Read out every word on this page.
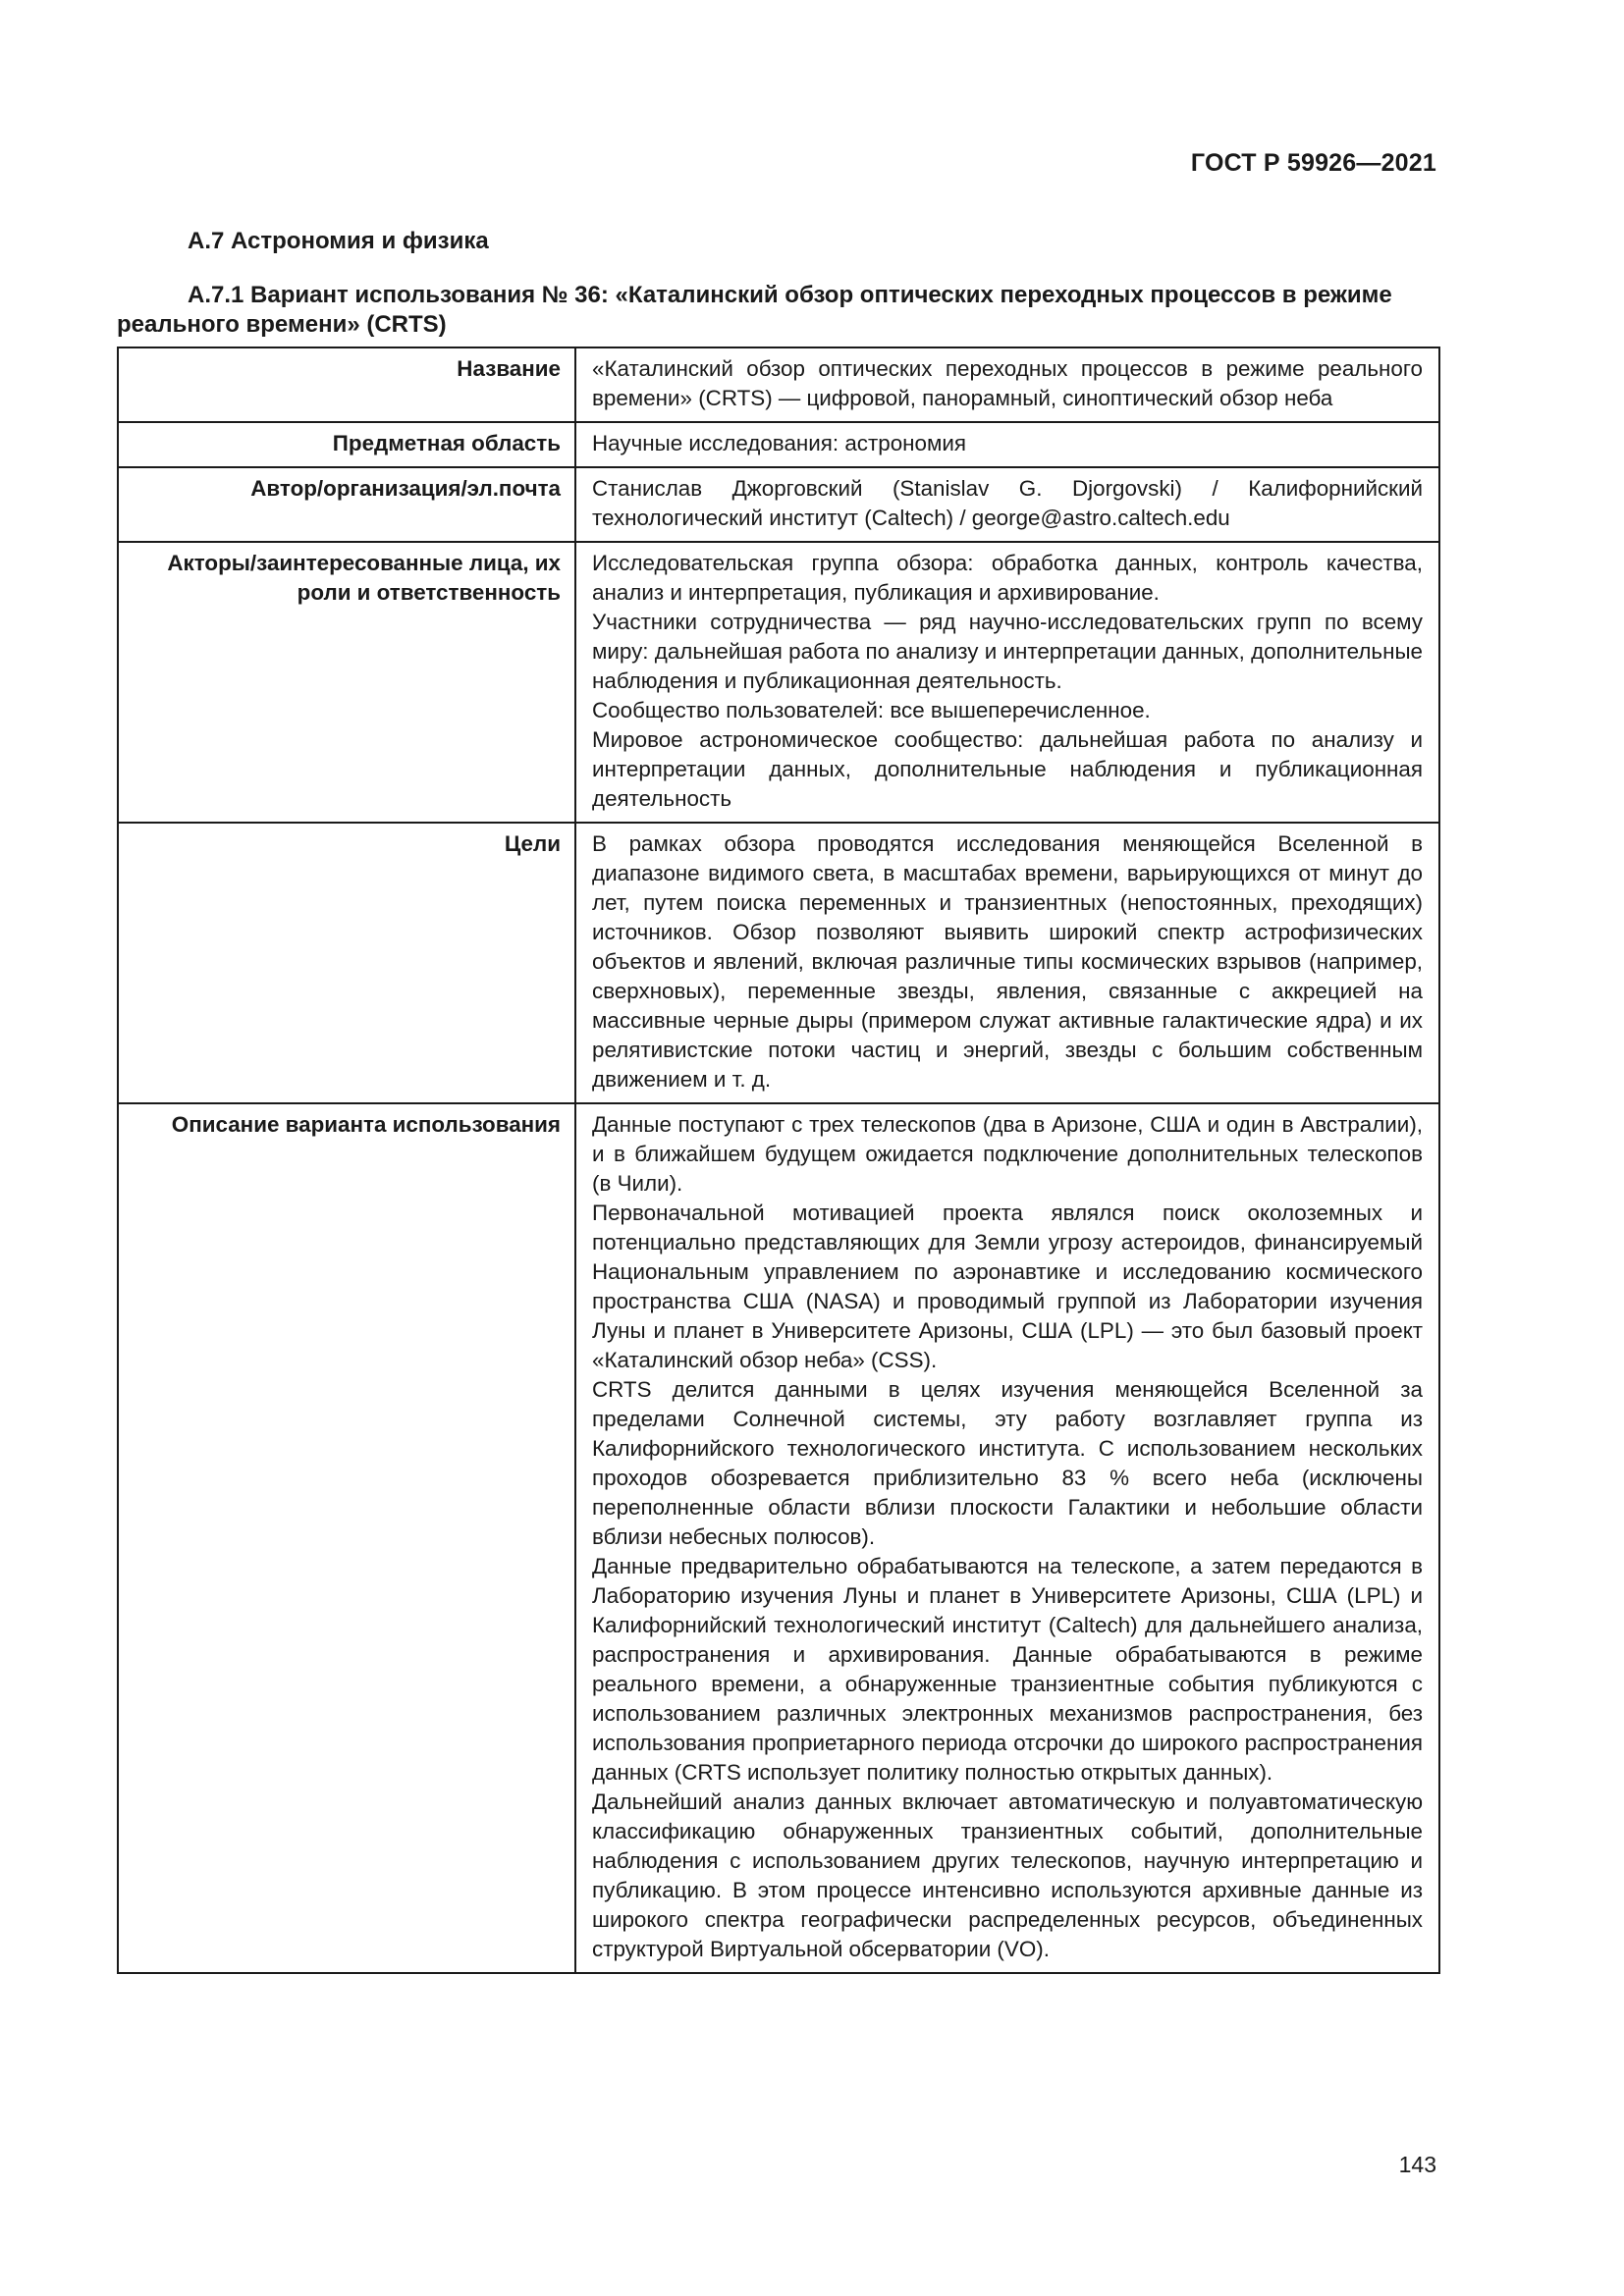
ГОСТ Р 59926—2021
А.7 Астрономия и физика
А.7.1 Вариант использования № 36: «Каталинский обзор оптических переходных процессов в режиме реального времени» (CRTS)
Название	«Каталинский обзор оптических переходных процессов в режиме реального времени» (CRTS) — цифровой, панорамный, синоптический обзор неба

Предметная область	Научные исследования: астрономия

Автор/организация/эл.почта	Станислав Джорговский (Stanislav G. Djorgovski) / Калифорнийский технологический институт (Caltech) / george@astro.caltech.edu

Акторы/заинтересованные лица, их роли и ответственность	Исследовательская группа обзора: обработка данных, контроль качества, анализ и интерпретация, публикация и архивирование.
Участники сотрудничества — ряд научно-исследовательских групп по всему миру: дальнейшая работа по анализу и интерпретации данных, дополнительные наблюдения и публикационная деятельность.
Сообщество пользователей: все вышеперечисленное.
Мировое астрономическое сообщество: дальнейшая работа по анализу и интерпретации данных, дополнительные наблюдения и публикационная деятельность

Цели	В рамках обзора проводятся исследования меняющейся Вселенной в диапазоне видимого света, в масштабах времени, варьирующихся от минут до лет, путем поиска переменных и транзиентных (непостоянных, преходящих) источников. Обзор позволяют выявить широкий спектр астрофизических объектов и явлений, включая различные типы космических взрывов (например, сверхновых), переменные звезды, явления, связанные с аккрецией на массивные черные дыры (примером служат активные галактические ядра) и их релятивистские потоки частиц и энергий, звезды с большим собственным движением и т. д.

Описание варианта использования	Данные поступают с трех телескопов (два в Аризоне, США и один в Австралии), и в ближайшем будущем ожидается подключение дополнительных телескопов (в Чили).
Первоначальной мотивацией проекта являлся поиск околоземных и потенциально представляющих для Земли угрозу астероидов, финансируемый Национальным управлением по аэронавтике и исследованию космического пространства США (NASA) и проводимый группой из Лаборатории изучения Луны и планет в Университете Аризоны, США (LPL) — это был базовый проект «Каталинский обзор неба» (CSS).
CRTS делится данными в целях изучения меняющейся Вселенной за пределами Солнечной системы, эту работу возглавляет группа из Калифорнийского технологического института. С использованием нескольких проходов обозревается приблизительно 83 % всего неба (исключены переполненные области вблизи плоскости Галактики и небольшие области вблизи небесных полюсов).
Данные предварительно обрабатываются на телескопе, а затем передаются в Лабораторию изучения Луны и планет в Университете Аризоны, США (LPL) и Калифорнийский технологический институт (Caltech) для дальнейшего анализа, распространения и архивирования. Данные обрабатываются в режиме реального времени, а обнаруженные транзиентные события публикуются с использованием различных электронных механизмов распространения, без использования проприетарного периода отсрочки до широкого распространения данных (CRTS использует политику полностью открытых данных).
Дальнейший анализ данных включает автоматическую и полуавтоматическую классификацию обнаруженных транзиентных событий, дополнительные наблюдения с использованием других телескопов, научную интерпретацию и публикацию. В этом процессе интенсивно используются архивные данные из широкого спектра географически распределенных ресурсов, объединенных структурой Виртуальной обсерватории (VO).
143
